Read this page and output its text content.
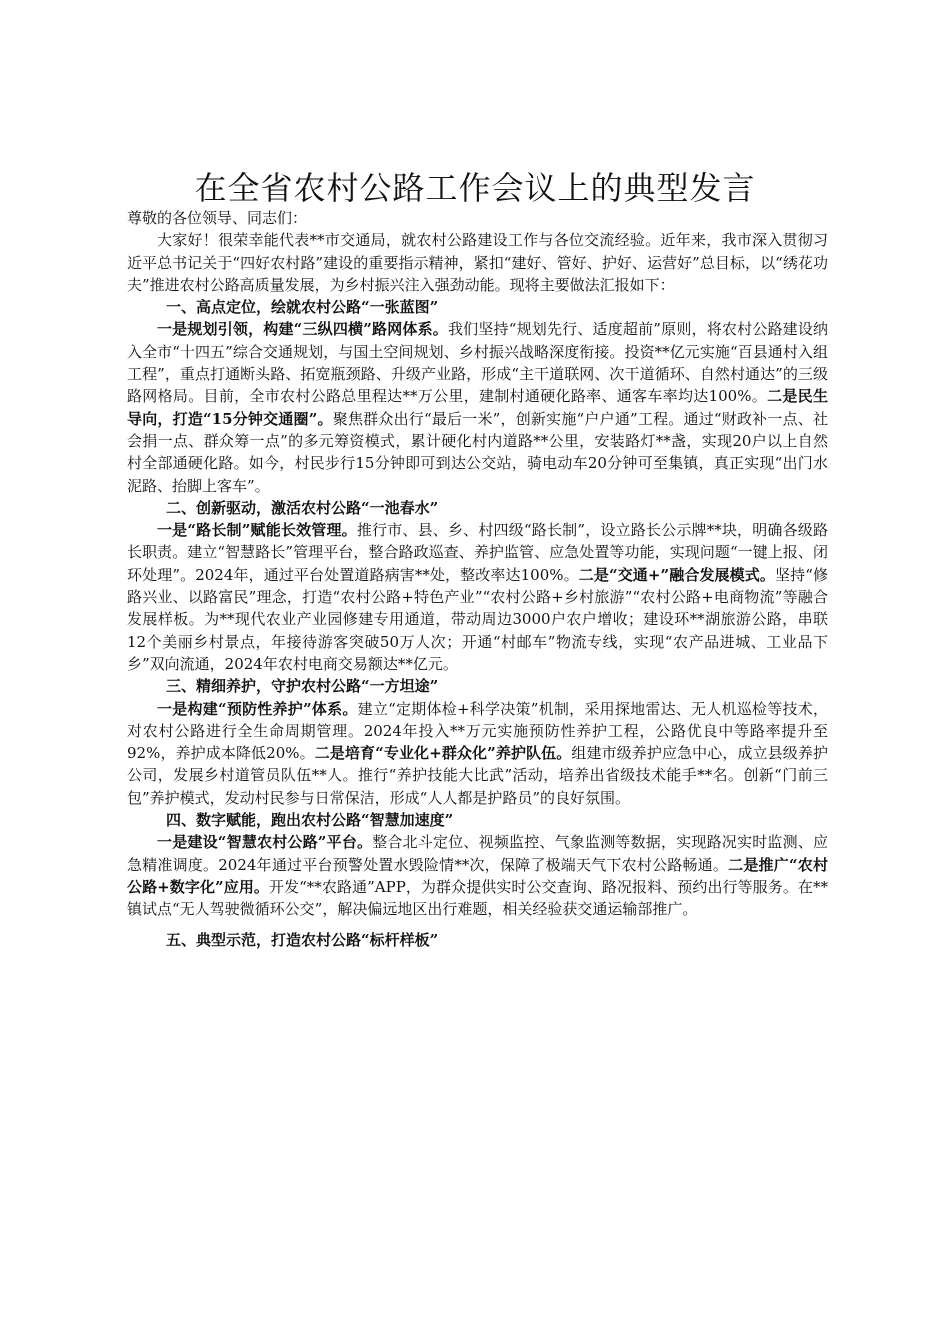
在全省农村公路工作会议上的典型发言

尊敬的各位领导、同志们：

大家好！很荣幸能代表**市交通局，就农村公路建设工作与各位交流经验。近年来，我市深入贯彻习近平总书记关于“四好农村路”建设的重要指示精神，紧扣“建好、管好、护好、运营好”总目标，以“绣花功夫”推进农村公路高质量发展，为乡村振兴注入强劲动能。现将主要做法汇报如下：

一、高点定位，绘就农村公路“一张蓝图”

一是规划引领，构建“三纵四横”路网体系。我们坚持“规划先行、适度超前”原则，将农村公路建设纳入全市“十四五”综合交通规划，与国土空间规划、乡村振兴战略深度衔接。投资**亿元实施“百县通村入组工程”，重点打通断头路、拓宽瓶颈路、升级产业路，形成“主干道联网、次干道循环、自然村通达”的三级路网格局。目前，全市农村公路总里程达**万公里，建制村通硬化路率、通客车率均达100%。二是民生导向，打造“15分钟交通圈”。聚焦群众出行“最后一米”，创新实施“户户通”工程。通过“财政补一点、社会捐一点、群众筹一点”的多元筹资模式，累计硬化村内道路**公里，安装路灯**盏，实现20户以上自然村全部通硬化路。如今，村民步行15分钟即可到达公交站，骑电动车20分钟可至集镇，真正实现“出门水泥路、抬脚上客车”。

二、创新驱动，激活农村公路“一池春水”

一是“路长制”赋能长效管理。推行市、县、乡、村四级“路长制”，设立路长公示牌**块，明确各级路长职责。建立“智慧路长”管理平台，整合路政巡查、养护监管、应急处置等功能，实现问题“一键上报、闭环处理”。2024年，通过平台处置道路病害**处，整改率达100%。二是“交通+”融合发展模式。坚持“修路兴业、以路富民”理念，打造“农村公路+特色产业”“农村公路+乡村旅游”“农村公路+电商物流”等融合发展样板。为**现代农业产业园修建专用通道，带动周边3000户农户增收；建设环**湖旅游公路，串联12个美丽乡村景点，年接待游客突破50万人次；开通“村邮车”物流专线，实现“农产品进城、工业品下乡”双向流通，2024年农村电商交易额达**亿元。

三、精细养护，守护农村公路“一方坦途”

一是构建“预防性养护”体系。建立“定期体检+科学决策”机制，采用探地雷达、无人机巡检等技术，对农村公路进行全生命周期管理。2024年投入**万元实施预防性养护工程，公路优良中等路率提升至92%，养护成本降低20%。二是培育“专业化+群众化”养护队伍。组建市级养护应急中心，成立县级养护公司，发展乡村道管员队伍**人。推行“养护技能大比武”活动，培养出省级技术能手**名。创新“门前三包”养护模式，发动村民参与日常保洁，形成“人人都是护路员”的良好氛围。

四、数字赋能，跑出农村公路“智慧加速度”

一是建设“智慧农村公路”平台。整合北斗定位、视频监控、气象监测等数据，实现路况实时监测、应急精准调度。2024年通过平台预警处置水毁险情**次，保障了极端天气下农村公路畅通。二是推广“农村公路+数字化”应用。开发“**农路通”APP，为群众提供实时公交查询、路况报料、预约出行等服务。在**镇试点“无人驾驶微循环公交”，解决偏远地区出行难题，相关经验获交通运输部推广。

五、典型示范，打造农村公路“标杆样板”
